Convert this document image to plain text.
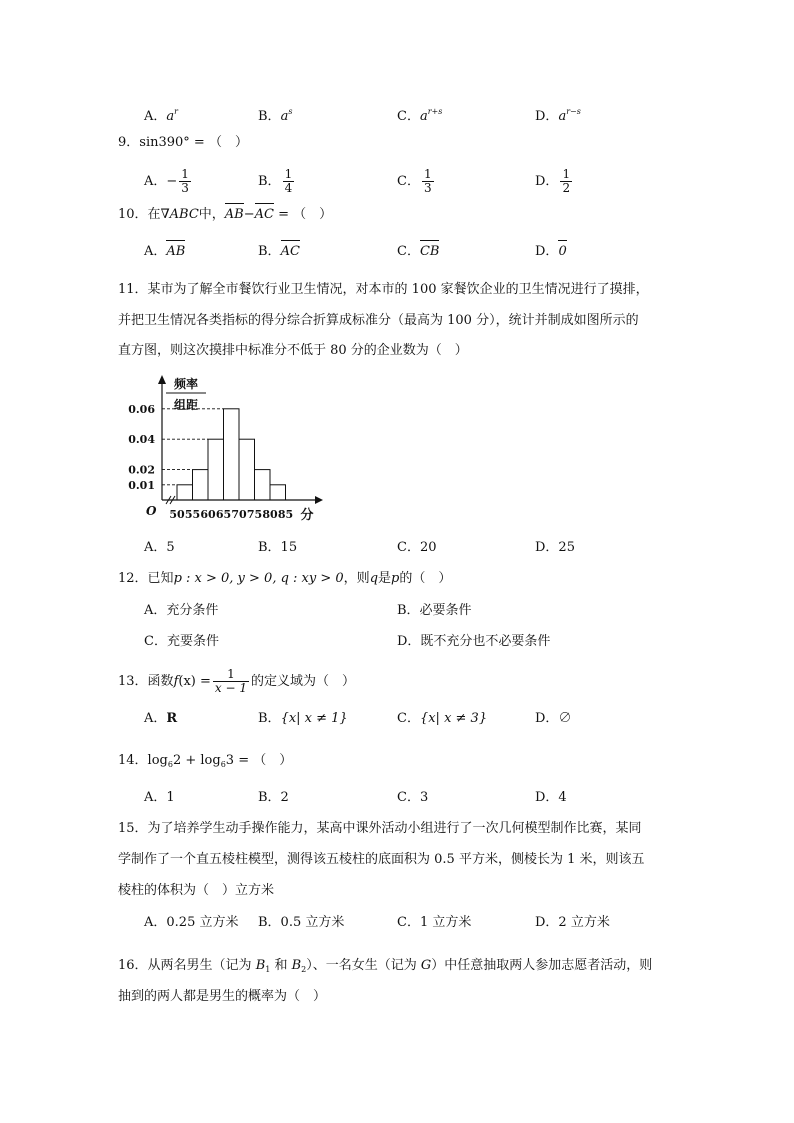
A．$a^r$	B．$a^s$	C．$a^{r+s}$	D．$a^{r-s}$
9．sin390° = （　）
A．− $\frac{1}{3}$	B． $\frac{1}{4}$	C． $\frac{1}{3}$	D． $\frac{1}{2}$
10．在∇ABC中，AB−AC = （　）
A．AB	B．AC	C．CB	D．0
11．某市为了解全市餐饮行业卫生情况，对本市的 100 家餐饮企业的卫生情况进行了摸排，
并把卫生情况各类指标的得分综合折算成标准分（最高为 100 分），统计并制成如图所示的
直方图，则这次摸排中标准分不低于 80 分的企业数为（　）
0.01
0.02
0.04
0.06
50 55 60 65 70 75 80 85 分
O
频率
组距
A．5	B．15	C．20	D．25
12．已知p : x > 0, y > 0, q : xy > 0，则q是p的（　）
A．充分条件	B．必要条件
C．充要条件	D．既不充分也不必要条件
13．函数$f(x) = \frac{1}{x - 1}$ 的定义域为（　）
A．R	B．{x| x ≠ 1}	C．{x| x ≠ 3}	D．∅
14．$\log_62 + \log_63$ = （　）
A．1	B．2	C．3	D．4
15．为了培养学生动手操作能力，某高中课外活动小组进行了一次几何模型制作比赛，某同
学制作了一个直五棱柱模型，测得该五棱柱的底面积为 0.5 平方米，侧棱长为 1 米，则该五
棱柱的体积为（　）立方米
A．0.25 立方米 B．0.5 立方米	C．1 立方米	D．2 立方米
16．从两名男生（记为 $B_1$ 和 $B_2$）、一名女生（记为 G）中任意抽取两人参加志愿者活动，则
抽到的两人都是男生的概率为（　）
